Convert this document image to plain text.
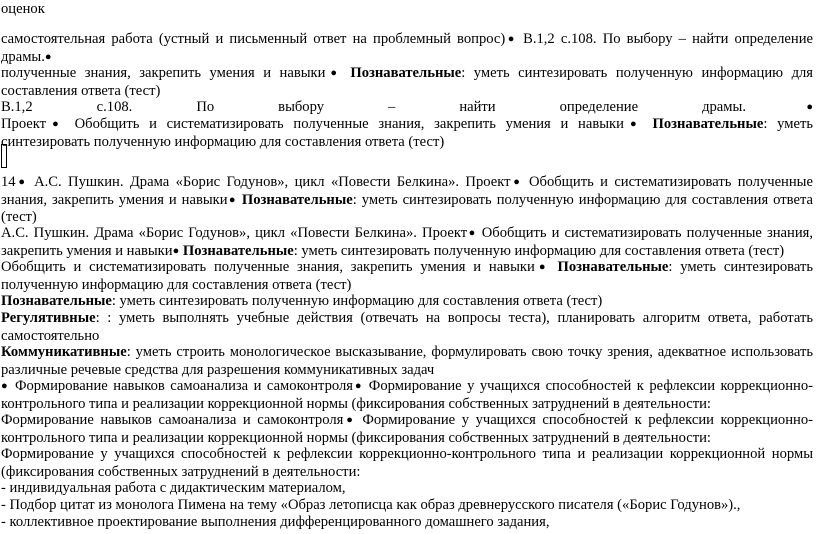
оценок

самостоятельная работа (устный и письменный ответ на проблемный вопрос)● В.1,2 с.108. По выбору – найти определение драмы.●

полученные знания, закрепить умения и навыки● Познавательные: уметь синтезировать полученную информацию для составления ответа (тест)

В.1,2 с.108. По выбору – найти определение драмы.●

Проект● Обобщить и систематизировать полученные знания, закрепить умения и навыки● Познавательные: уметь синтезировать полученную информацию для составления ответа (тест)

14● А.С. Пушкин. Драма «Борис Годунов», цикл «Повести Белкина». Проект● Обобщить и систематизировать полученные знания, закрепить умения и навыки● Познавательные: уметь синтезировать полученную информацию для составления ответа (тест)

А.С. Пушкин. Драма «Борис Годунов», цикл «Повести Белкина». Проект● Обобщить и систематизировать полученные знания, закрепить умения и навыки● Познавательные: уметь синтезировать полученную информацию для составления ответа (тест)

Обобщить и систематизировать полученные знания, закрепить умения и навыки● Познавательные: уметь синтезировать полученную информацию для составления ответа (тест)

Познавательные: уметь синтезировать полученную информацию для составления ответа (тест)

Регулятивные: : уметь выполнять учебные действия (отвечать на вопросы теста), планировать алгоритм ответа, работать самостоятельно

Коммуникативные: уметь строить монологическое высказывание, формулировать свою точку зрения, адекватное использовать различные речевые средства для разрешения коммуникативных задач

● Формирование навыков самоанализа и самоконтроля● Формирование у учащихся способностей к рефлексии коррекционно-контрольного типа и реализации коррекционной нормы (фиксирования собственных затруднений в деятельности:

Формирование навыков самоанализа и самоконтроля● Формирование у учащихся способностей к рефлексии коррекционно-контрольного типа и реализации коррекционной нормы (фиксирования собственных затруднений в деятельности:

Формирование у учащихся способностей к рефлексии коррекционно-контрольного типа и реализации коррекционной нормы (фиксирования собственных затруднений в деятельности:

- индивидуальная работа с дидактическим материалом,

- Подбор цитат из монолога Пимена на тему «Образ летописца как образ древнерусского писателя («Борис Годунов»).,

- коллективное проектирование выполнения дифференцированного домашнего задания,
